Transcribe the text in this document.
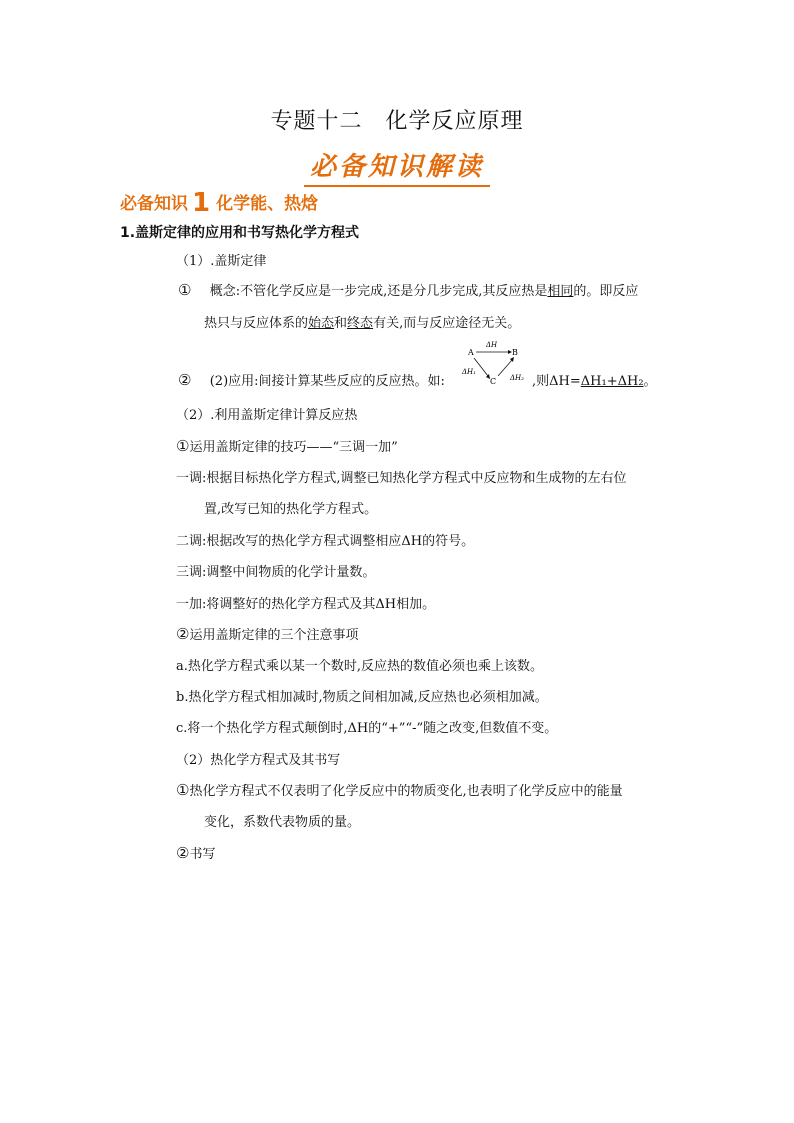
专题十二　化学反应原理
必备知识解读
必备知识 1 化学能、热焓
1.盖斯定律的应用和书写热化学方程式
（1）.盖斯定律
① 概念:不管化学反应是一步完成,还是分几步完成,其反应热是相同的。即反应
热只与反应体系的始态和终态有关,而与反应途径无关。
② (2)应用:间接计算某些反应的反应热。如:
A	B
C
ΔH
ΔH₁
ΔH₂ ,则ΔH=ΔH₁+ΔH₂。
（2）.利用盖斯定律计算反应热
①运用盖斯定律的技巧——“三调一加”
一调:根据目标热化学方程式,调整已知热化学方程式中反应物和生成物的左右位
置,改写已知的热化学方程式。
二调:根据改写的热化学方程式调整相应ΔH的符号。
三调:调整中间物质的化学计量数。
一加:将调整好的热化学方程式及其ΔH相加。
②运用盖斯定律的三个注意事项
a.热化学方程式乘以某一个数时,反应热的数值必须也乘上该数。
b.热化学方程式相加减时,物质之间相加减,反应热也必须相加减。
c.将一个热化学方程式颠倒时,ΔH的“+”“-”随之改变,但数值不变。
（2）热化学方程式及其书写
①热化学方程式不仅表明了化学反应中的物质变化,也表明了化学反应中的能量
变化，系数代表物质的量。
②书写
